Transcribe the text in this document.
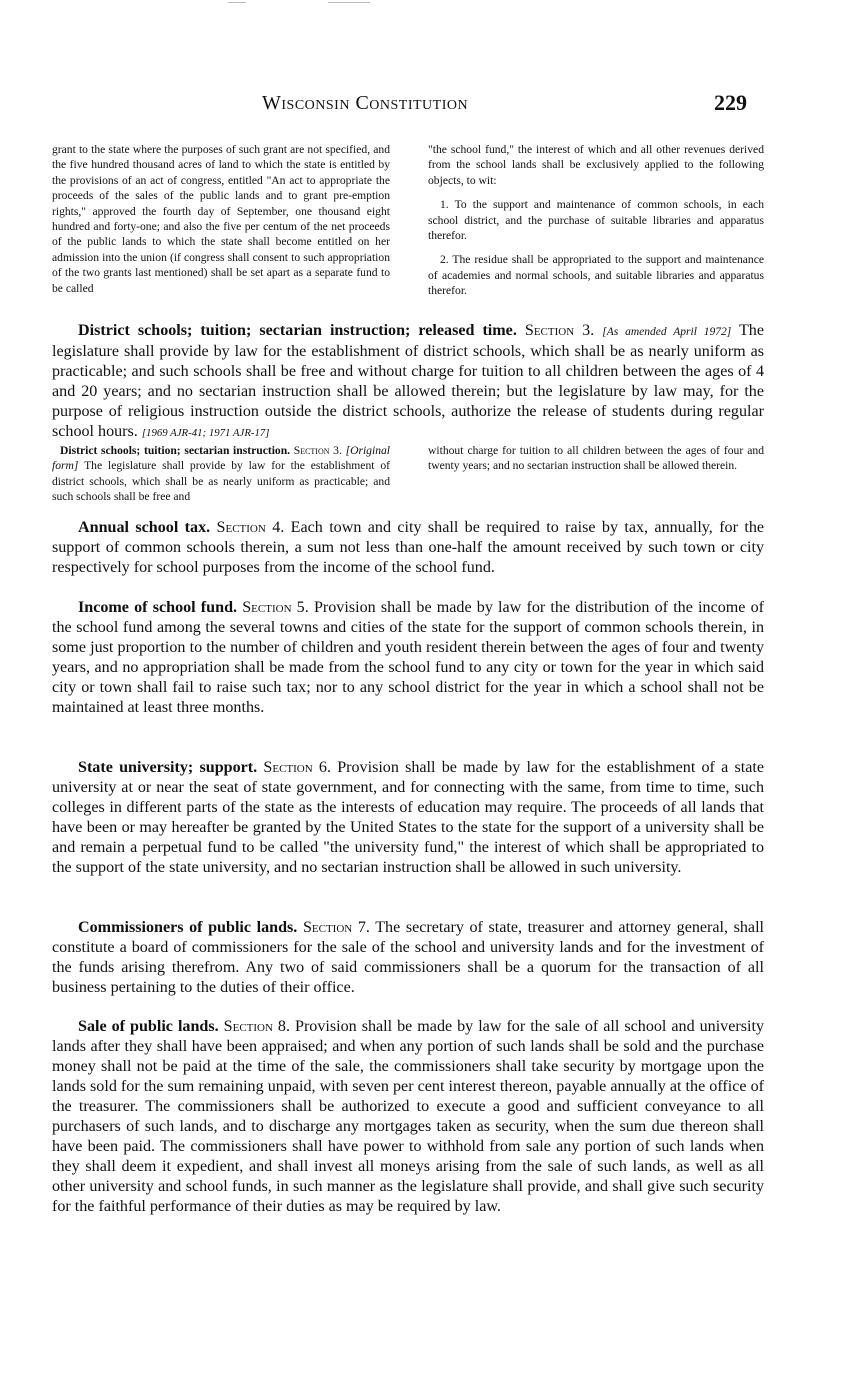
Wisconsin Constitution	229
grant to the state where the purposes of such grant are not specified, and the five hundred thousand acres of land to which the state is entitled by the provisions of an act of congress, entitled "An act to appropriate the proceeds of the sales of the public lands and to grant pre-emption rights," approved the fourth day of September, one thousand eight hundred and forty-one; and also the five per centum of the net proceeds of the public lands to which the state shall become entitled on her admission into the union (if congress shall consent to such appropriation of the two grants last mentioned) shall be set apart as a separate fund to be called

"the school fund," the interest of which and all other revenues derived from the school lands shall be exclusively applied to the following objects, to wit:

1. To the support and maintenance of common schools, in each school district, and the purchase of suitable libraries and apparatus therefor.

2. The residue shall be appropriated to the support and maintenance of academies and normal schools, and suitable libraries and apparatus therefor.

District schools; tuition; sectarian instruction; released time. Section 3. [As amended April 1972] The legislature shall provide by law for the establishment of district schools, which shall be as nearly uniform as practicable; and such schools shall be free and without charge for tuition to all children between the ages of 4 and 20 years; and no sectarian instruction shall be allowed therein; but the legislature by law may, for the purpose of religious instruction outside the district schools, authorize the release of students during regular school hours. [1969 AJR-41; 1971 AJR-17]
District schools; tuition; sectarian instruction. Section 3. [Original form] The legislature shall provide by law for the establishment of district schools, which shall be as nearly uniform as practicable; and such schools shall be free and
without charge for tuition to all children between the ages of four and twenty years; and no sectarian instruction shall be allowed therein.
Annual school tax. Section 4. Each town and city shall be required to raise by tax, annually, for the support of common schools therein, a sum not less than one-half the amount received by such town or city respectively for school purposes from the income of the school fund.
Income of school fund. Section 5. Provision shall be made by law for the distribution of the income of the school fund among the several towns and cities of the state for the support of common schools therein, in some just proportion to the number of children and youth resident therein between the ages of four and twenty years, and no appropriation shall be made from the school fund to any city or town for the year in which said city or town shall fail to raise such tax; nor to any school district for the year in which a school shall not be maintained at least three months.
State university; support. Section 6. Provision shall be made by law for the establishment of a state university at or near the seat of state government, and for connecting with the same, from time to time, such colleges in different parts of the state as the interests of education may require. The proceeds of all lands that have been or may hereafter be granted by the United States to the state for the support of a university shall be and remain a perpetual fund to be called "the university fund," the interest of which shall be appropriated to the support of the state university, and no sectarian instruction shall be allowed in such university.
Commissioners of public lands. Section 7. The secretary of state, treasurer and attorney general, shall constitute a board of commissioners for the sale of the school and university lands and for the investment of the funds arising therefrom. Any two of said commissioners shall be a quorum for the transaction of all business pertaining to the duties of their office.
Sale of public lands. Section 8. Provision shall be made by law for the sale of all school and university lands after they shall have been appraised; and when any portion of such lands shall be sold and the purchase money shall not be paid at the time of the sale, the commissioners shall take security by mortgage upon the lands sold for the sum remaining unpaid, with seven per cent interest thereon, payable annually at the office of the treasurer. The commissioners shall be authorized to execute a good and sufficient conveyance to all purchasers of such lands, and to discharge any mortgages taken as security, when the sum due thereon shall have been paid. The commissioners shall have power to withhold from sale any portion of such lands when they shall deem it expedient, and shall invest all moneys arising from the sale of such lands, as well as all other university and school funds, in such manner as the legislature shall provide, and shall give such security for the faithful performance of their duties as may be required by law.
